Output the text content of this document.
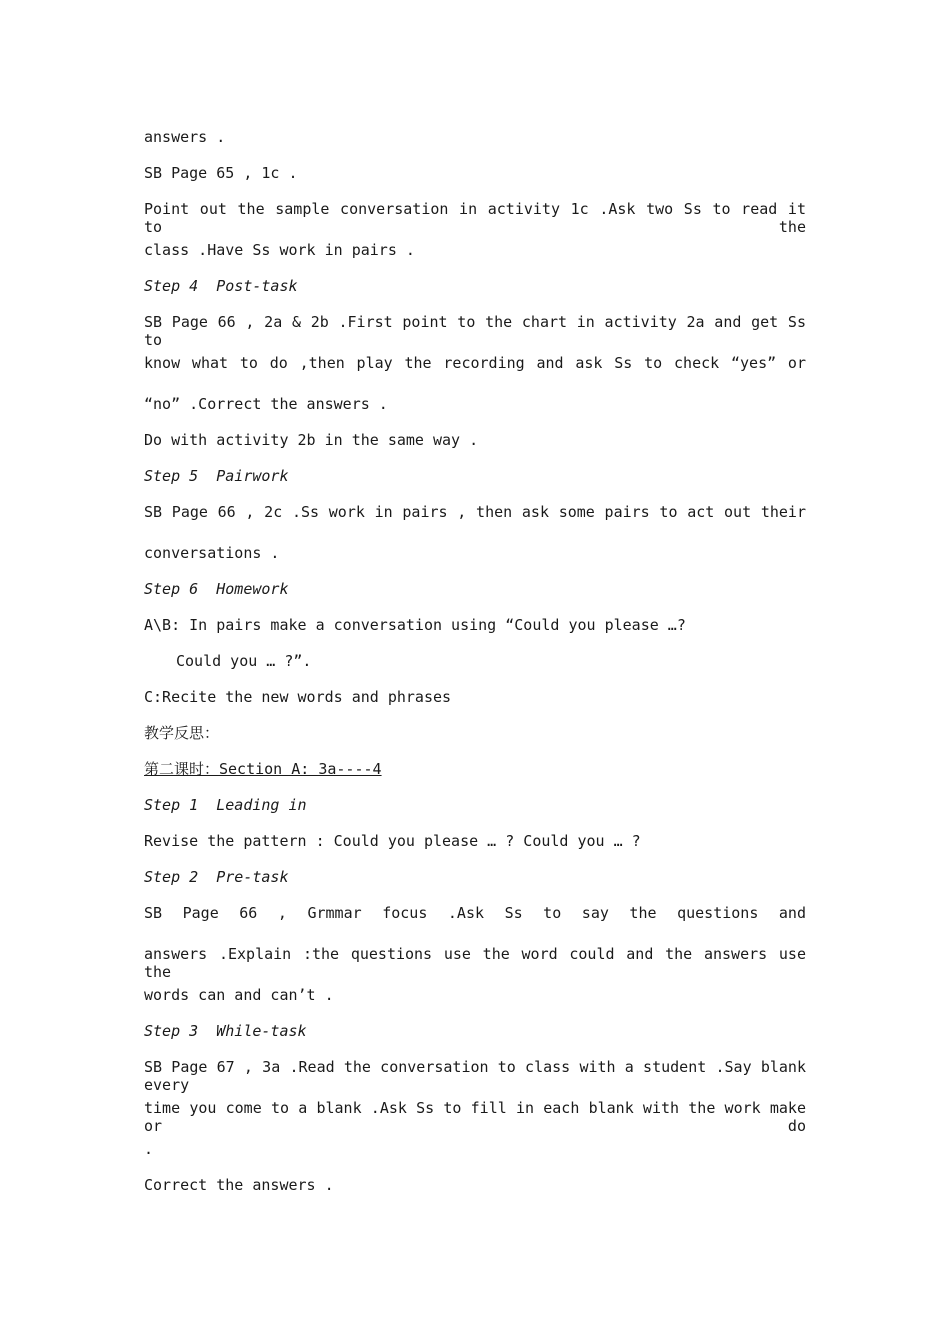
answers .
SB Page 65 , 1c .
Point out the sample conversation in activity 1c .Ask two Ss to read it to the
class .Have Ss work in pairs .
Step 4  Post-task
SB Page 66 , 2a & 2b .First point to the chart in activity 2a and get Ss to
know what to do ,then play the recording and ask Ss to check “yes” or
“no” .Correct the answers .
Do with activity 2b in the same way .
Step 5  Pairwork
SB Page 66 , 2c .Ss work in pairs , then ask some pairs to act out their
conversations .
Step 6  Homework
A\B: In pairs make a conversation using “Could you please …?
Could you … ?”.
C:Recite the new words and phrases
教学反思：
第二课时：Section A: 3a----4
Step 1  Leading in
Revise the pattern : Could you please … ? Could you … ?
Step 2  Pre-task
SB Page 66 , Grmmar focus .Ask Ss to say the questions and
answers .Explain :the questions use the word could and the answers use the
words can and can’t .
Step 3  While-task
SB Page 67 , 3a .Read the conversation to class with a student .Say blank every
time you come to a blank .Ask Ss to fill in each blank with the work make or do
.
Correct the answers .
